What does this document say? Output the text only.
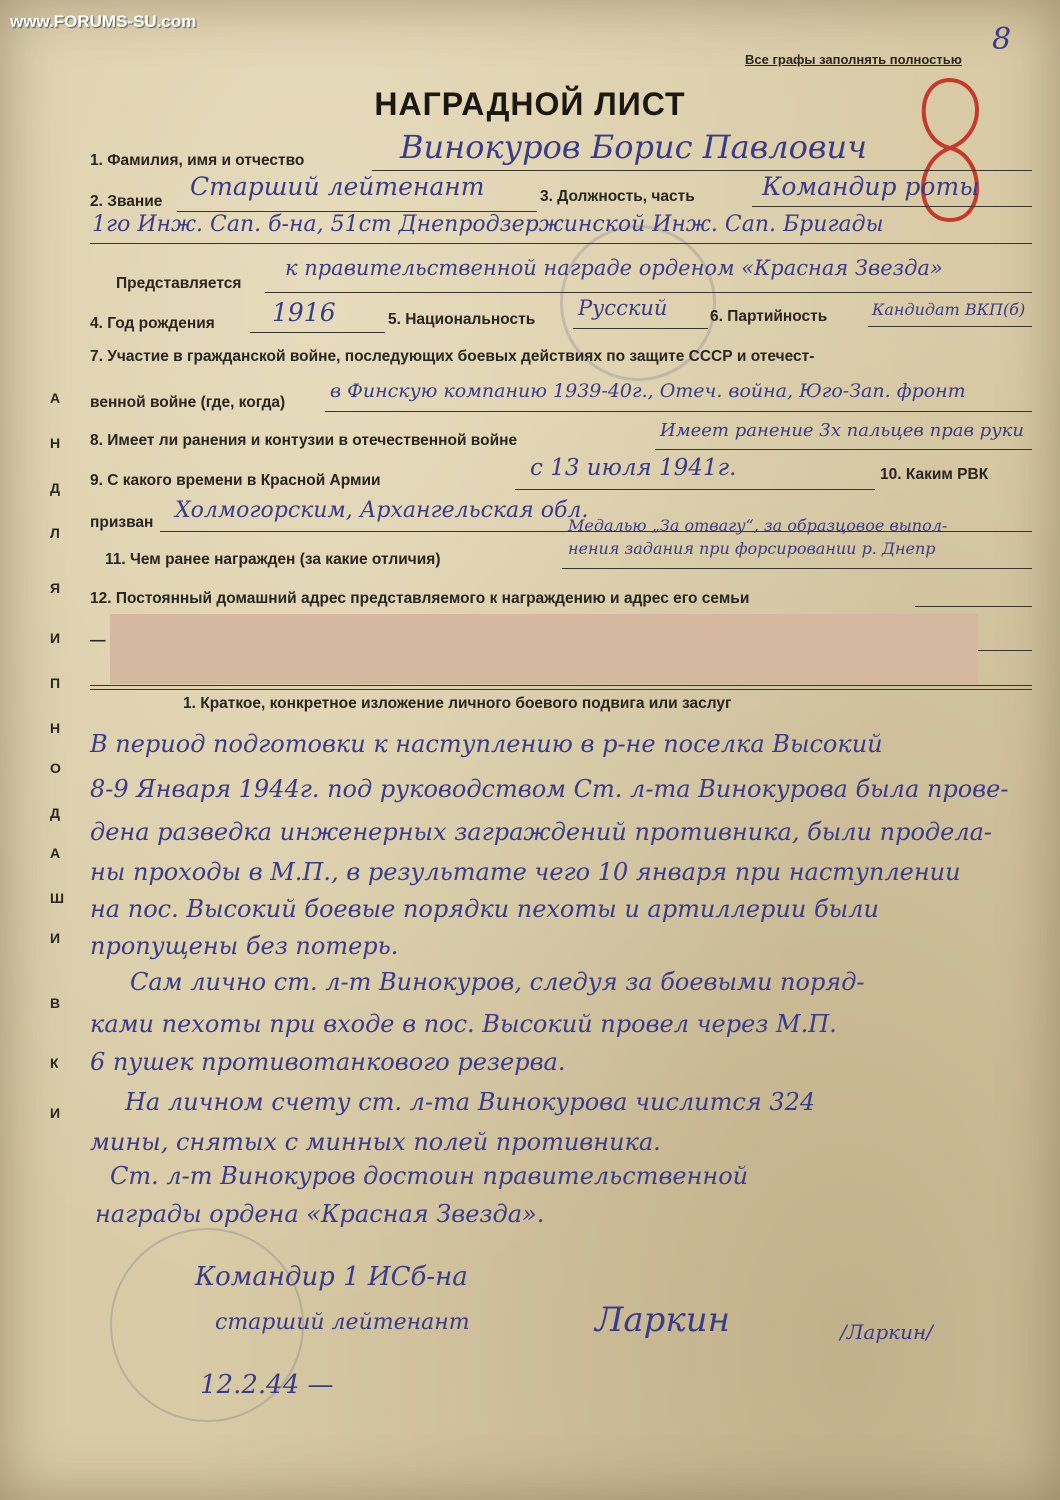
www.FORUMS-SU.com
Все графы заполнять полностью
8
НАГРАДНОЙ ЛИСТ
А
Н
Д
Л
Я
И
П
Н
О
Д
А
Ш
И
В
К
И
1. Фамилия, имя и отчество	Винокуров Борис Павлович
2. Звание
Старший лейтенант	3. Должность, часть	Командир роты
1го Инж. Сап. б-на, 51ст Днепродзержинской Инж. Сап. Бригады
Представляется
к правительственной награде орденом «Красная Звезда»
4. Год рождения 1916	5. Национальность Русский	6. Партийность	Кандидат ВКП(б)
7. Участие в гражданской войне, последующих боевых действиях по защите СССР и отечест-
венной войне (где, когда)
в Финскую компанию 1939-40г., Отеч. война, Юго-Зап. фронт
8. Имеет ли ранения и контузии в отечественной войне	Имеет ранение 3х пальцев прав руки
9. С какого времени в Красной Армии	с 13 июля 1941г.	10. Каким РВК
призван Холмогорским, Архангельская обл.
11. Чем ранее награжден (за какие отличия)
Медалью „За отвагу“, за образцовое выпол-
нения задания при форсировании р. Днепр
12. Постоянный домашний адрес представляемого к награждению и адрес его семьи
—
1. Краткое, конкретное изложение личного боевого подвига или заслуг
В период подготовки к наступлению в р-не поселка Высокий
8-9 Января 1944г. под руководством Ст. л-та Винокурова была прове-
дена разведка инженерных заграждений противника, были проделa-
ны проходы в М.П., в результате чего 10 января при наступлении
на пос. Высокий боевые порядки пехоты и артиллерии были
пропущены без потерь.
Сам лично ст. л-т Винокуров, следуя за боевыми поряд-
ками пехоты при входе в пос. Высокий провел через М.П.
6 пушек противотанкового резерва.
На личном счету ст. л-та Винокурова числится 324
мины, снятых с минных полей противника.
Ст. л-т Винокуров достоин правительственной
награды ордена «Красная Звезда».
Командир 1 ИСб-на
старший лейтенант	Ларкин	/Ларкин/
12.2.44 —
